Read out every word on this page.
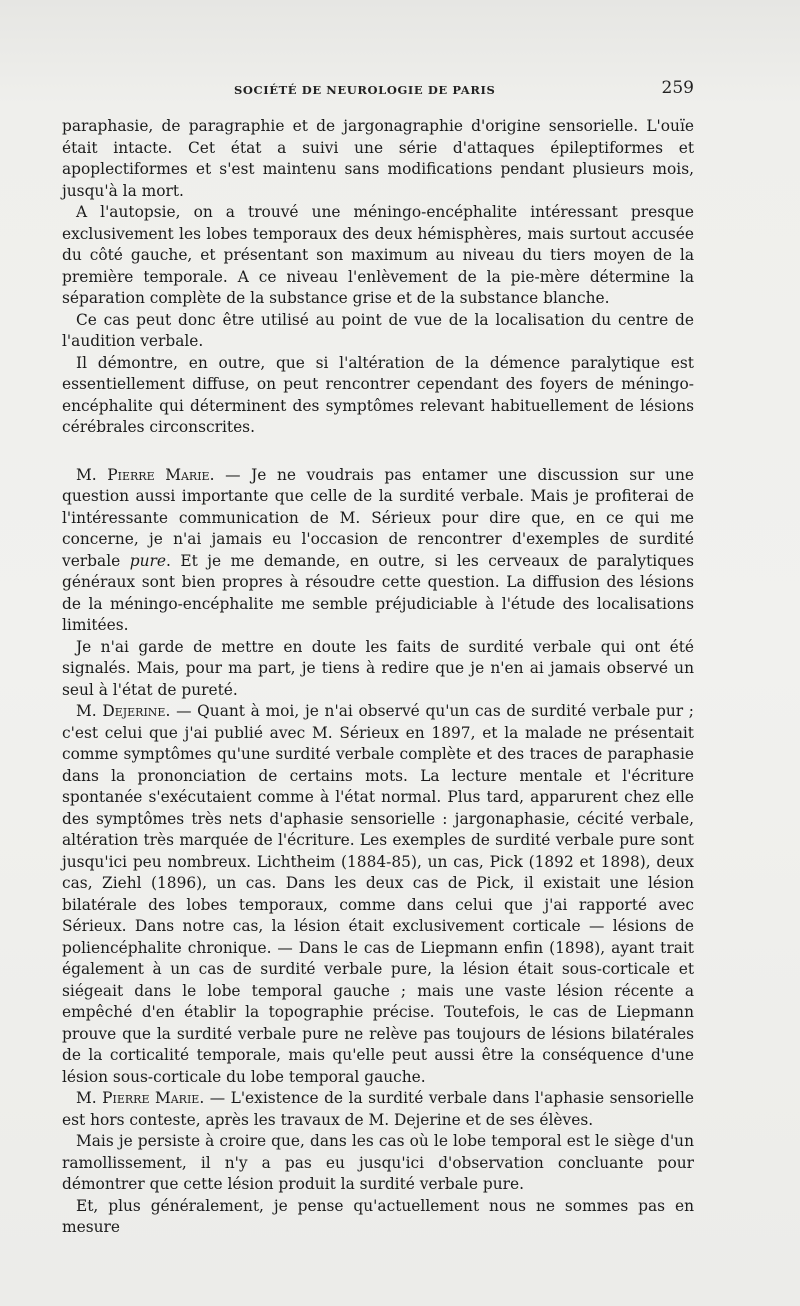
SOCIÉTÉ DE NEUROLOGIE DE PARIS	259

paraphasie, de paragraphie et de jargonagraphie d'origine sensorielle. L'ouïe était intacte. Cet état a suivi une série d'attaques épileptiformes et apoplectiformes et s'est maintenu sans modifications pendant plusieurs mois, jusqu'à la mort.

A l'autopsie, on a trouvé une méningo-encéphalite intéressant presque exclusivement les lobes temporaux des deux hémisphères, mais surtout accusée du côté gauche, et présentant son maximum au niveau du tiers moyen de la première temporale. A ce niveau l'enlèvement de la pie-mère détermine la séparation complète de la substance grise et de la substance blanche.

Ce cas peut donc être utilisé au point de vue de la localisation du centre de l'audition verbale.

Il démontre, en outre, que si l'altération de la démence paralytique est essentiellement diffuse, on peut rencontrer cependant des foyers de méningo-encéphalite qui déterminent des symptômes relevant habituellement de lésions cérébrales circonscrites.

M. Pierre Marie. — Je ne voudrais pas entamer une discussion sur une question aussi importante que celle de la surdité verbale. Mais je profiterai de l'intéressante communication de M. Sérieux pour dire que, en ce qui me concerne, je n'ai jamais eu l'occasion de rencontrer d'exemples de surdité verbale pure. Et je me demande, en outre, si les cerveaux de paralytiques généraux sont bien propres à résoudre cette question. La diffusion des lésions de la méningo-encéphalite me semble préjudiciable à l'étude des localisations limitées.

Je n'ai garde de mettre en doute les faits de surdité verbale qui ont été signalés. Mais, pour ma part, je tiens à redire que je n'en ai jamais observé un seul à l'état de pureté.

M. Dejerine. — Quant à moi, je n'ai observé qu'un cas de surdité verbale pur ; c'est celui que j'ai publié avec M. Sérieux en 1897, et la malade ne présentait comme symptômes qu'une surdité verbale complète et des traces de paraphasie dans la prononciation de certains mots. La lecture mentale et l'écriture spontanée s'exécutaient comme à l'état normal. Plus tard, apparurent chez elle des symptômes très nets d'aphasie sensorielle : jargonaphasie, cécité verbale, altération très marquée de l'écriture. Les exemples de surdité verbale pure sont jusqu'ici peu nombreux. Lichtheim (1884-85), un cas, Pick (1892 et 1898), deux cas, Ziehl (1896), un cas. Dans les deux cas de Pick, il existait une lésion bilatérale des lobes temporaux, comme dans celui que j'ai rapporté avec Sérieux. Dans notre cas, la lésion était exclusivement corticale — lésions de poliencéphalite chronique. — Dans le cas de Liepmann enfin (1898), ayant trait également à un cas de surdité verbale pure, la lésion était sous-corticale et siégeait dans le lobe temporal gauche ; mais une vaste lésion récente a empêché d'en établir la topographie précise. Toutefois, le cas de Liepmann prouve que la surdité verbale pure ne relève pas toujours de lésions bilatérales de la corticalité temporale, mais qu'elle peut aussi être la conséquence d'une lésion sous-corticale du lobe temporal gauche.

M. Pierre Marie. — L'existence de la surdité verbale dans l'aphasie sensorielle est hors conteste, après les travaux de M. Dejerine et de ses élèves.

Mais je persiste à croire que, dans les cas où le lobe temporal est le siège d'un ramollissement, il n'y a pas eu jusqu'ici d'observation concluante pour démontrer que cette lésion produit la surdité verbale pure.

Et, plus généralement, je pense qu'actuellement nous ne sommes pas en mesure
